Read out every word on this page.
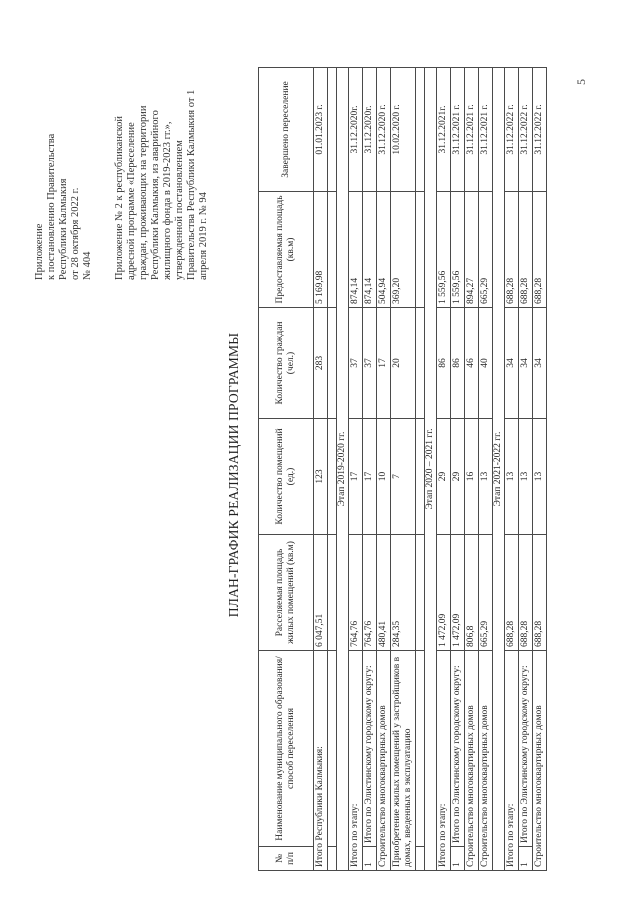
5
Приложение к постановлению Правительства Республики Калмыкия от 28 октября 2022 г. № 404 Приложение № 2 к республиканской адресной программе «Переселение граждан, проживающих на территории Республики Калмыкия, из аварийного жилищного фонда в 2019-2023 гг.», утвержденной постановлением Правительства Республики Калмыкия от 1 апреля 2019 г. № 94
ПЛАН-ГРАФИК РЕАЛИЗАЦИИ ПРОГРАММЫ
№ п/п	Наименование муниципального образования/ способ переселения	Расселяемая площадь жилых помещений (кв.м)	Количество помещений (ед.)	Количество граждан (чел.)	Предоставляемая площадь (кв.м)	Завершено переселение
Итого Республики Калмыкия:		6 047,51	123	283	5 169,98	01.01.2023 г.

Этап 2019-2020 гг.						
Итого по этапу:		764,76	17	37	874,14	31.12.2020г.
1	Итого по Элистинскому городскому округу:	764,76	17	37	874,14	31.12.2020г.
Строительство многоквартирных домов		480,41	10	17	504,94	31.12.2020 г.
Приобретение жилых помещений у застройщиков в домах, введенных в эксплуатацию		284,35	7	20	369,20	10.02.2020 г.

Этап 2020 – 2021 гг.						
Итого по этапу:		1 472,09	29	86	1 559,56	31.12.2021г.
1	Итого по Элистинскому городскому округу:	1 472,09	29	86	1 559,56	31.12.2021 г.
Строительство многоквартирных домов		806,8	16	46	894,27	31.12.2021 г.
Строительство многоквартирных домов		665,29	13	40	665,29	31.12.2021 г.
Этап 2021-2022 гг.						
Итого по этапу:		688,28	13	34	688,28	31.12.2022 г.
1	Итого по Элистинскому городскому округу:	688,28	13	34	688,28	31.12.2022 г.
Строительство многоквартирных домов		688,28	13	34	688,28	31.12.2022 г.
